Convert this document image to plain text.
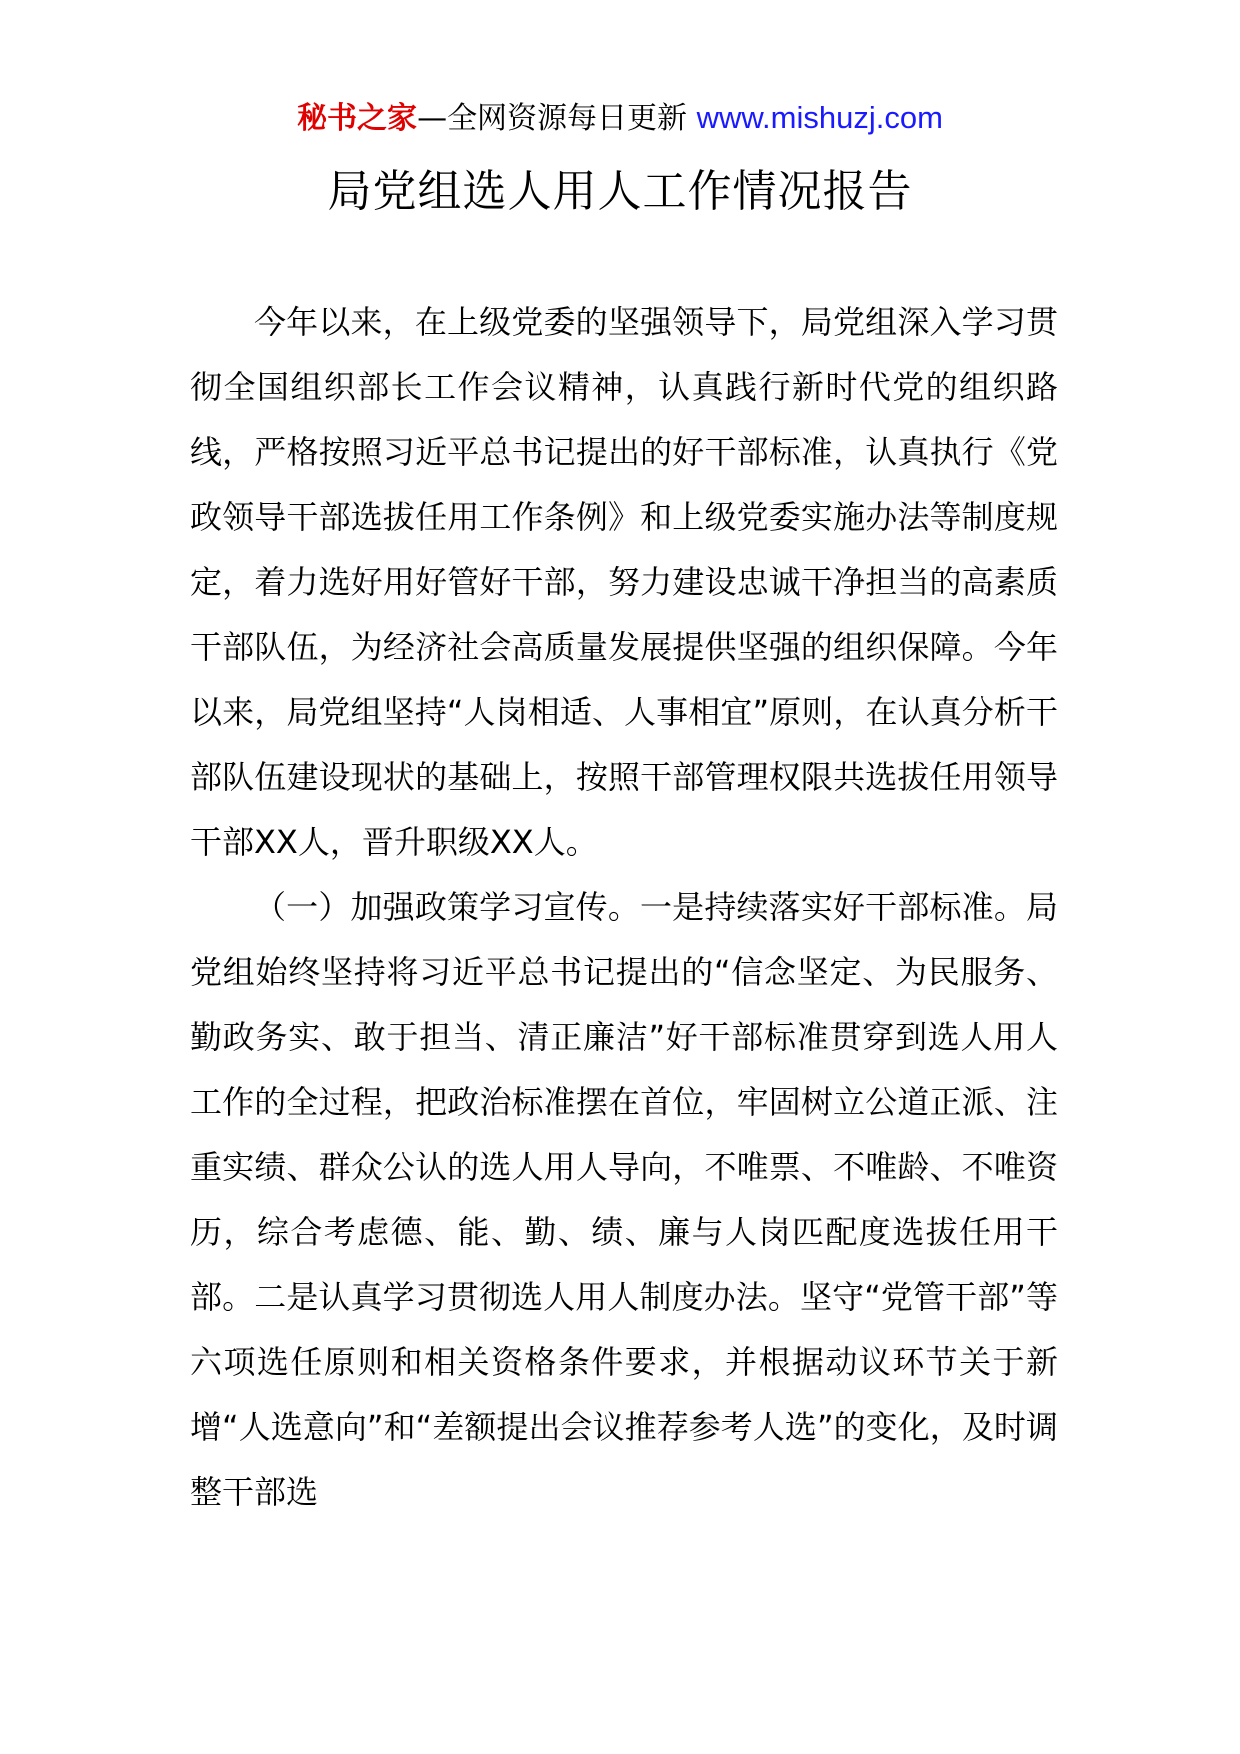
秘书之家—全网资源每日更新 www.mishuzj.com
局党组选人用人工作情况报告

今年以来，在上级党委的坚强领导下，局党组深入学习贯彻全国组织部长工作会议精神，认真践行新时代党的组织路线，严格按照习近平总书记提出的好干部标准，认真执行《党政领导干部选拔任用工作条例》和上级党委实施办法等制度规定，着力选好用好管好干部，努力建设忠诚干净担当的高素质干部队伍，为经济社会高质量发展提供坚强的组织保障。今年以来，局党组坚持“人岗相适、人事相宜”原则，在认真分析干部队伍建设现状的基础上，按照干部管理权限共选拔任用领导干部XX人，晋升职级XX人。

（一）加强政策学习宣传。一是持续落实好干部标准。局党组始终坚持将习近平总书记提出的“信念坚定、为民服务、勤政务实、敢于担当、清正廉洁”好干部标准贯穿到选人用人工作的全过程，把政治标准摆在首位，牢固树立公道正派、注重实绩、群众公认的选人用人导向，不唯票、不唯龄、不唯资历，综合考虑德、能、勤、绩、廉与人岗匹配度选拔任用干部。二是认真学习贯彻选人用人制度办法。坚守“党管干部”等六项选任原则和相关资格条件要求，并根据动议环节关于新增“人选意向”和“差额提出会议推荐参考人选”的变化，及时调整干部选
